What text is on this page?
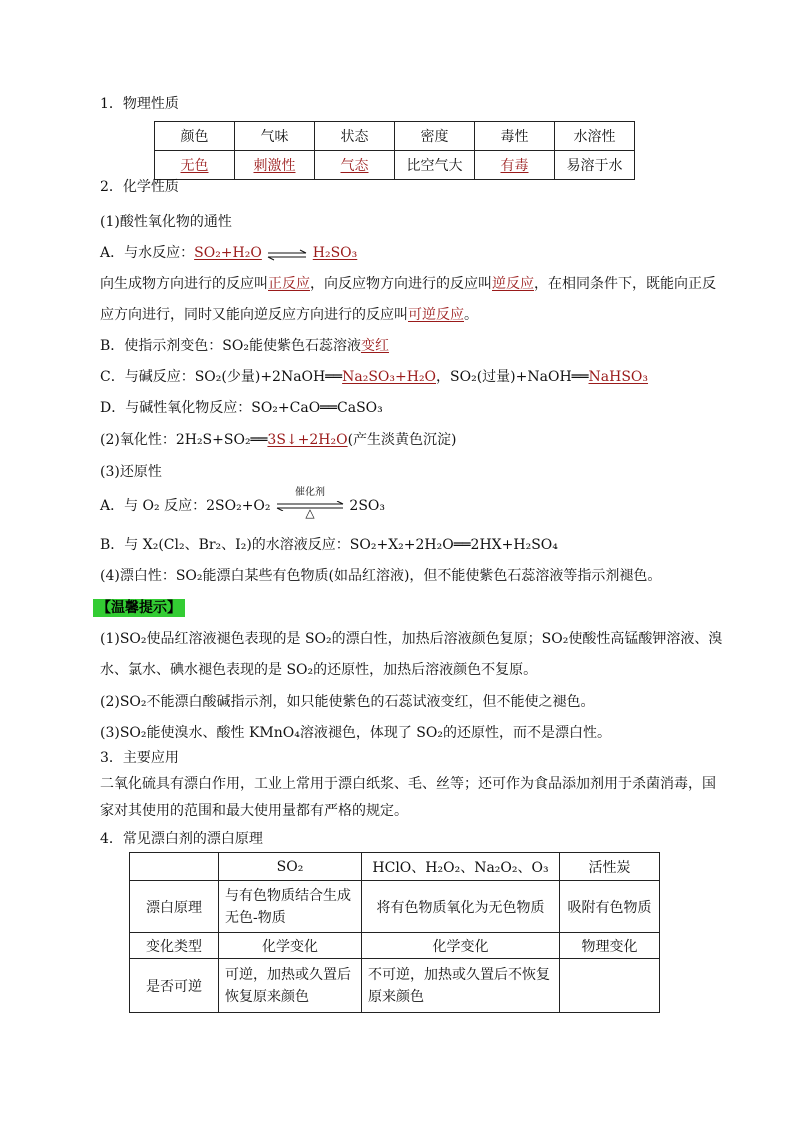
1．物理性质
颜色	气味	状态	密度	毒性	水溶性
无色	刺激性	气态	比空气大	有毒	易溶于水
2．化学性质
(1)酸性氧化物的通性
A．与水反应：SO₂+H₂O ⇌ H₂SO₃
向生成物方向进行的反应叫正反应，向反应物方向进行的反应叫逆反应，在相同条件下，既能向正反
应方向进行，同时又能向逆反应方向进行的反应叫可逆反应。
B．使指示剂变色：SO₂能使紫色石蕊溶液变红
C．与碱反应：SO₂(少量)+2NaOH══Na₂SO₃+H₂O，SO₂(过量)+NaOH══NaHSO₃
D．与碱性氧化物反应：SO₂+CaO══CaSO₃
(2)氧化性：2H₂S+SO₂══3S↓+2H₂O(产生淡黄色沉淀)
(3)还原性
A．与 O₂ 反应：2SO₂+O₂
催化剂
△	2SO₃
B．与 X₂(Cl₂、Br₂、I₂)的水溶液反应：SO₂+X₂+2H₂O══2HX+H₂SO₄
(4)漂白性：SO₂能漂白某些有色物质(如品红溶液)，但不能使紫色石蕊溶液等指示剂褪色。
【温馨提示】
(1)SO₂使品红溶液褪色表现的是 SO₂的漂白性，加热后溶液颜色复原；SO₂使酸性高锰酸钾溶液、溴
水、氯水、碘水褪色表现的是 SO₂的还原性，加热后溶液颜色不复原。
(2)SO₂不能漂白酸碱指示剂，如只能使紫色的石蕊试液变红，但不能使之褪色。
(3)SO₂能使溴水、酸性 KMnO₄溶液褪色，体现了 SO₂的还原性，而不是漂白性。
3．主要应用
二氧化硫具有漂白作用，工业上常用于漂白纸浆、毛、丝等；还可作为食品添加剂用于杀菌消毒，国
家对其使用的范围和最大使用量都有严格的规定。
4．常见漂白剂的漂白原理
	SO₂	HClO、H₂O₂、Na₂O₂、O₃	活性炭
漂白原理	与有色物质结合生成无色-物质	将有色物质氧化为无色物质	吸附有色物质
变化类型	化学变化	化学变化	物理变化
是否可逆	可逆，加热或久置后恢复原来颜色	不可逆，加热或久置后不恢复原来颜色	
